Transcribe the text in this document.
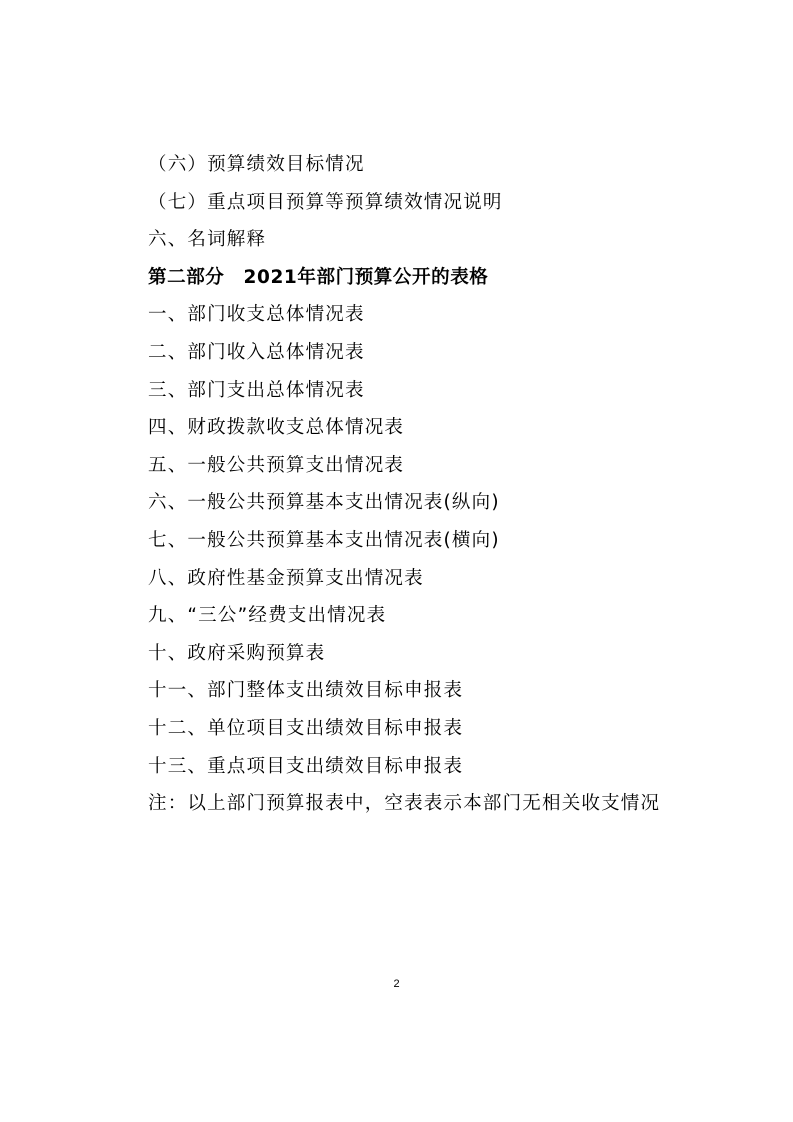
（六）预算绩效目标情况
（七）重点项目预算等预算绩效情况说明
六、名词解释
第二部分　2021年部门预算公开的表格
一、部门收支总体情况表
二、部门收入总体情况表
三、部门支出总体情况表
四、财政拨款收支总体情况表
五、一般公共预算支出情况表
六、一般公共预算基本支出情况表(纵向)
七、一般公共预算基本支出情况表(横向)
八、政府性基金预算支出情况表
九、“三公”经费支出情况表
十、政府采购预算表
十一、部门整体支出绩效目标申报表
十二、单位项目支出绩效目标申报表
十三、重点项目支出绩效目标申报表
注：以上部门预算报表中，空表表示本部门无相关收支情况
2
